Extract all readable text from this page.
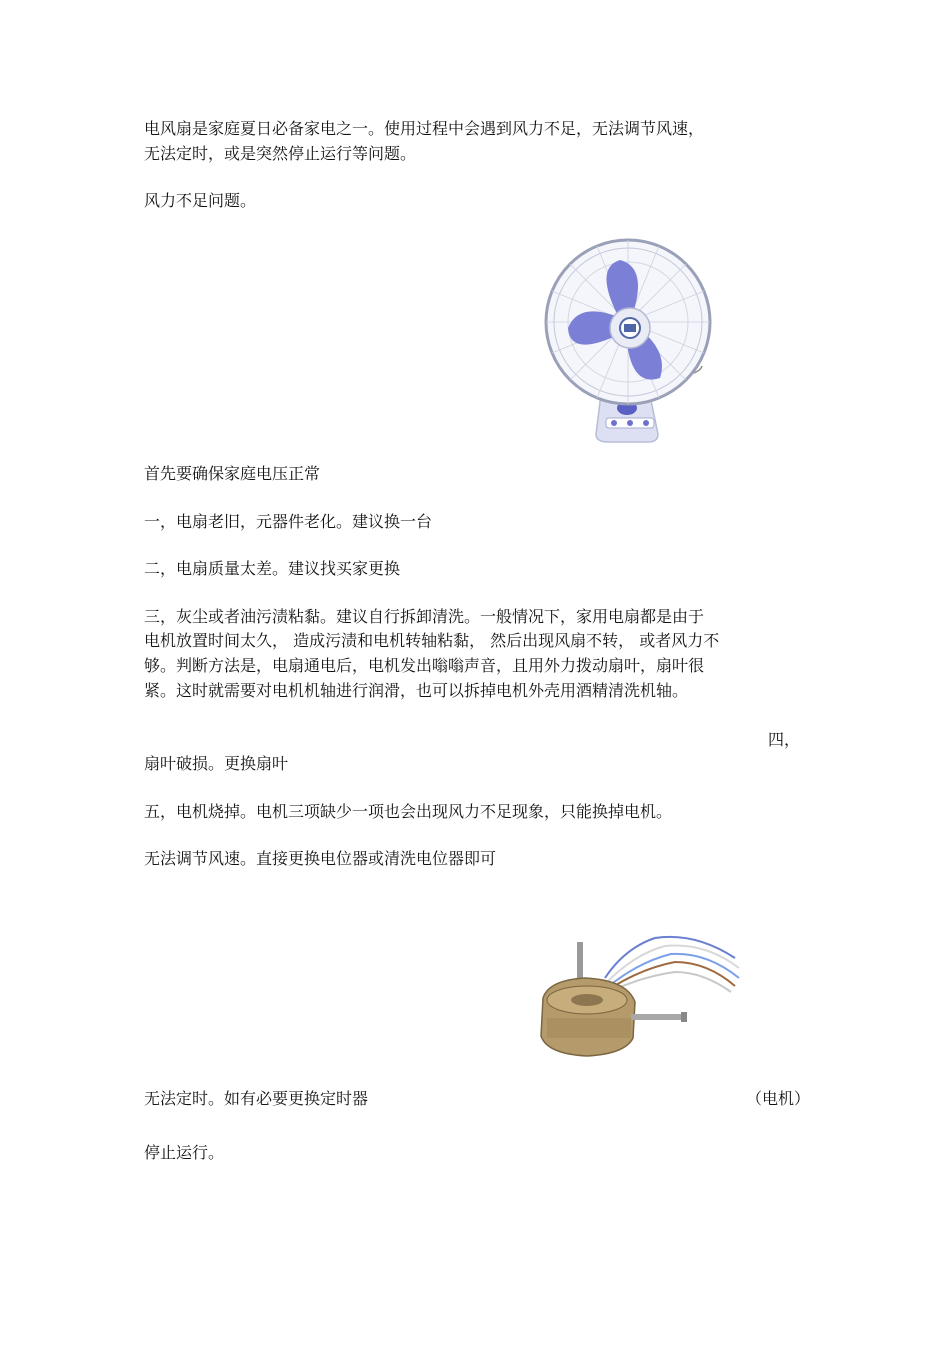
电风扇是家庭夏日必备家电之一。使用过程中会遇到风力不足，无法调节风速，

无法定时，或是突然停止运行等问题。

风力不足问题。

首先要确保家庭电压正常

一，电扇老旧，元器件老化。建议换一台

二，电扇质量太差。建议找买家更换

三，灰尘或者油污渍粘黏。建议自行拆卸清洗。一般情况下，家用电扇都是由于

电机放置时间太久， 造成污渍和电机转轴粘黏， 然后出现风扇不转， 或者风力不

够。判断方法是，电扇通电后，电机发出嗡嗡声音，且用外力拨动扇叶，扇叶很

紧。这时就需要对电机机轴进行润滑，也可以拆掉电机外壳用酒精清洗机轴。

四，

扇叶破损。更换扇叶

五，电机烧掉。电机三项缺少一项也会出现风力不足现象，只能换掉电机。

无法调节风速。直接更换电位器或清洗电位器即可

无法定时。如有必要更换定时器	（电机）

停止运行。
